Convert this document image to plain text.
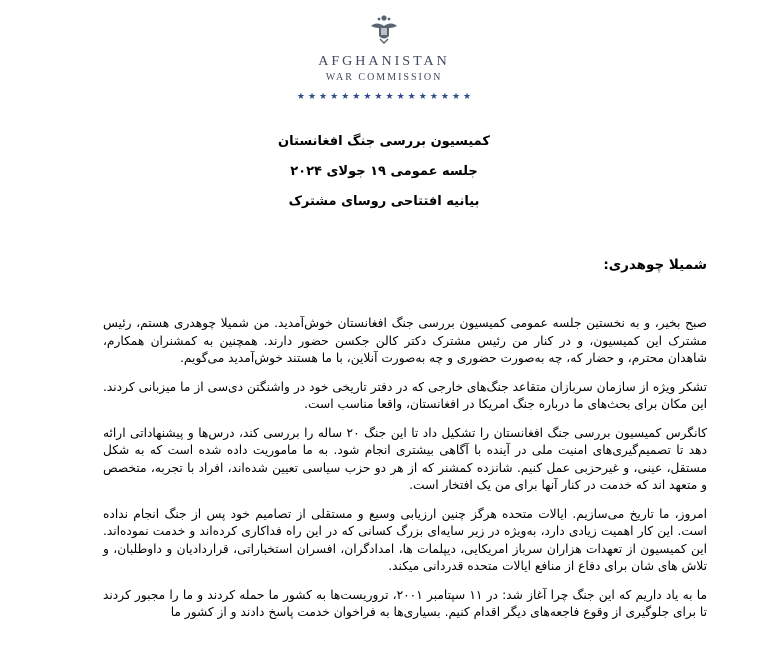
AFGHANISTAN
WAR COMMISSION
★ ★ ★ ★ ★ ★ ★ ★ ★ ★ ★ ★ ★ ★ ★ ★
کمیسیون بررسی جنگ افغانستان
جلسه عمومی ۱۹ جولای ۲۰۲۴
بیانیه افتتاحی روسای مشترک

شمیلا چوهدری:

صبح بخیر، و به نخستین جلسه عمومی کمیسیون بررسی جنگ افغانستان خوش‌آمدید. من شمیلا چوهدری هستم، رئیس مشترک این کمیسیون، و در کنار من رئیس مشترک دکتر کالن جکسن حضور دارند. همچنین به کمشنران همکارم، شاهدان محترم، و حضار که، چه به‌صورت حضوری و چه به‌صورت آنلاین، با ما هستند خوش‌آمدید می‌گویم.

تشکر ویژه از سازمان سربازان متقاعد جنگ‌های خارجی که در دفتر تاریخی خود در واشنگتن دی‌سی از ما میزبانی کردند. این مکان برای بحث‌های ما درباره جنگ امریکا در افغانستان، واقعا مناسب است.

کانگرس کمیسیون بررسی جنگ افغانستان را تشکیل داد تا این جنگ ۲۰ ساله را بررسی کند، درس‌ها و پیشنهاداتی ارائه دهد تا تصمیم‌گیری‌های امنیت ملی در آینده با آگاهی بیشتری انجام شود. به ما ماموریت داده شده است که به شکل مستقل، عینی، و غیرحزبی عمل کنیم. شانزده کمشنر که از هر دو حزب سیاسی تعیین شده‌اند، افراد با تجربه، متخصص و متعهد اند که خدمت در کنار آنها برای من یک افتخار است.

امروز، ما تاریخ می‌سازیم. ایالات متحده هرگز چنین ارزیابی وسیع و مستقلی از تصامیم خود پس از جنگ انجام نداده است. این کار اهمیت زیادی دارد، به‌ویژه در زیر سایه‌ای بزرگ کسانی که در این راه فداکاری کرده‌اند و خدمت نموده‌اند. این کمیسیون از تعهدات هزاران سرباز امریکایی، دیپلمات ها، امدادگران، افسران استخباراتی، قرارداديان و داوطلبان، و تلاش های شان برای دفاع از منافع ایالات متحده قدردانی میکند.

ما به یاد داریم که این جنگ چرا آغاز شد: در ۱۱ سپتامبر ۲۰۰۱، تروریست‌ها به کشور ما حمله کردند و ما را مجبور کردند تا برای جلوگیری از وقوع فاجعه‌های دیگر اقدام کنیم. بسیاری‌ها به فراخوان خدمت پاسخ دادند و از کشور ما
